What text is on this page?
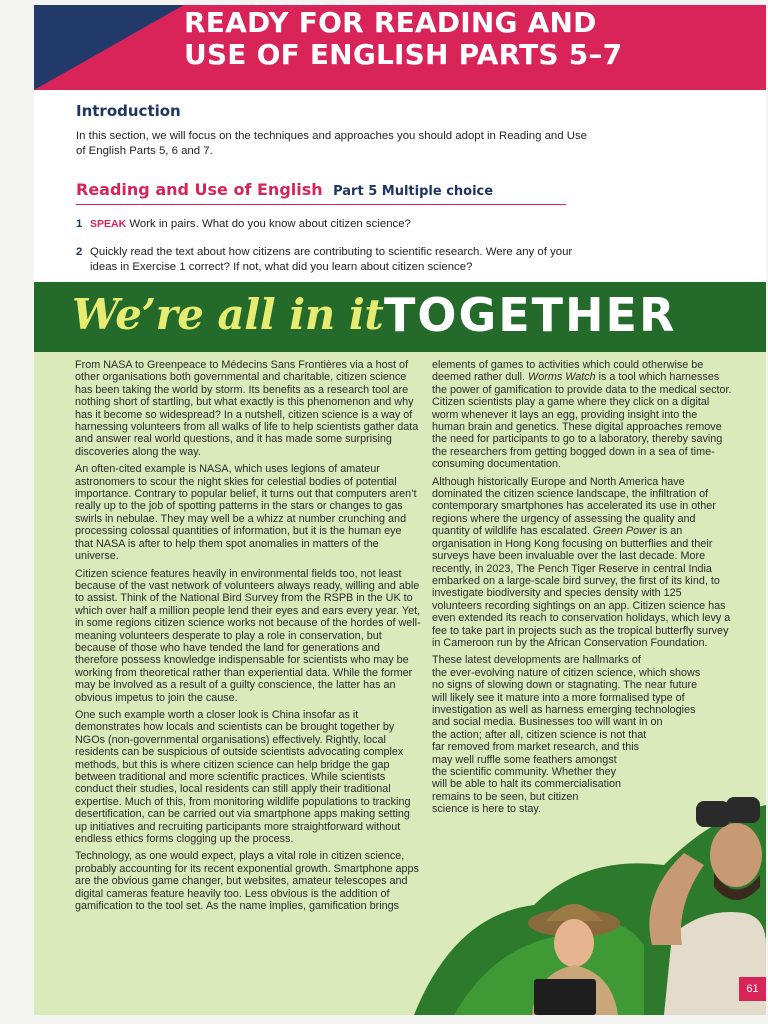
READY FOR READING AND
USE OF ENGLISH PARTS 5–7
Introduction

In this section, we will focus on the techniques and approaches you should adopt in Reading and Use of English Parts 5, 6 and 7.

Reading and Use of English Part 5 Multiple choice
1 SPEAK Work in pairs. What do you know about citizen science?
2 Quickly read the text about how citizens are contributing to scientific research. Were any of your ideas in Exercise 1 correct? If not, what did you learn about citizen science?
We’re all in it TOGETHER

From NASA to Greenpeace to Médecins Sans Frontières via a host of other organisations both governmental and charitable, citizen science has been taking the world by storm. Its benefits as a research tool are nothing short of startling, but what exactly is this phenomenon and why has it become so widespread? In a nutshell, citizen science is a way of harnessing volunteers from all walks of life to help scientists gather data and answer real world questions, and it has made some surprising discoveries along the way.

An often-cited example is NASA, which uses legions of amateur astronomers to scour the night skies for celestial bodies of potential importance. Contrary to popular belief, it turns out that computers aren’t really up to the job of spotting patterns in the stars or changes to gas swirls in nebulae. They may well be a whizz at number crunching and processing colossal quantities of information, but it is the human eye that NASA is after to help them spot anomalies in matters of the universe.

Citizen science features heavily in environmental fields too, not least because of the vast network of volunteers always ready, willing and able to assist. Think of the National Bird Survey from the RSPB in the UK to which over half a million people lend their eyes and ears every year. Yet, in some regions citizen science works not because of the hordes of well-meaning volunteers desperate to play a role in conservation, but because of those who have tended the land for generations and therefore possess knowledge indispensable for scientists who may be working from theoretical rather than experiential data. While the former may be involved as a result of a guilty conscience, the latter has an obvious impetus to join the cause.

One such example worth a closer look is China insofar as it demonstrates how locals and scientists can be brought together by NGOs (non-governmental organisations) effectively. Rightly, local residents can be suspicious of outside scientists advocating complex methods, but this is where citizen science can help bridge the gap between traditional and more scientific practices. While scientists conduct their studies, local residents can still apply their traditional expertise. Much of this, from monitoring wildlife populations to tracking desertification, can be carried out via smartphone apps making setting up initiatives and recruiting participants more straightforward without endless ethics forms clogging up the process.

Technology, as one would expect, plays a vital role in citizen science, probably accounting for its recent exponential growth. Smartphone apps are the obvious game changer, but websites, amateur telescopes and digital cameras feature heavily too. Less obvious is the addition of gamification to the tool set. As the name implies, gamification brings

elements of games to activities which could otherwise be deemed rather dull. Worms Watch is a tool which harnesses the power of gamification to provide data to the medical sector. Citizen scientists play a game where they click on a digital worm whenever it lays an egg, providing insight into the human brain and genetics. These digital approaches remove the need for participants to go to a laboratory, thereby saving the researchers from getting bogged down in a sea of time-consuming documentation.

Although historically Europe and North America have dominated the citizen science landscape, the infiltration of contemporary smartphones has accelerated its use in other regions where the urgency of assessing the quality and quantity of wildlife has escalated. Green Power is an organisation in Hong Kong focusing on butterflies and their surveys have been invaluable over the last decade. More recently, in 2023, The Pench Tiger Reserve in central India embarked on a large-scale bird survey, the first of its kind, to investigate biodiversity and species density with 125 volunteers recording sightings on an app. Citizen science has even extended its reach to conservation holidays, which levy a fee to take part in projects such as the tropical butterfly survey in Cameroon run by the African Conservation Foundation.

These latest developments are hallmarks of
the ever-evolving nature of citizen science, which shows
no signs of slowing down or stagnating. The near future
will likely see it mature into a more formalised type of
investigation as well as harness emerging technologies
and social media. Businesses too will want in on
the action; after all, citizen science is not that
far removed from market research, and this
may well ruffle some feathers amongst
the scientific community. Whether they
will be able to halt its commercialisation
remains to be seen, but citizen
science is here to stay.

61
